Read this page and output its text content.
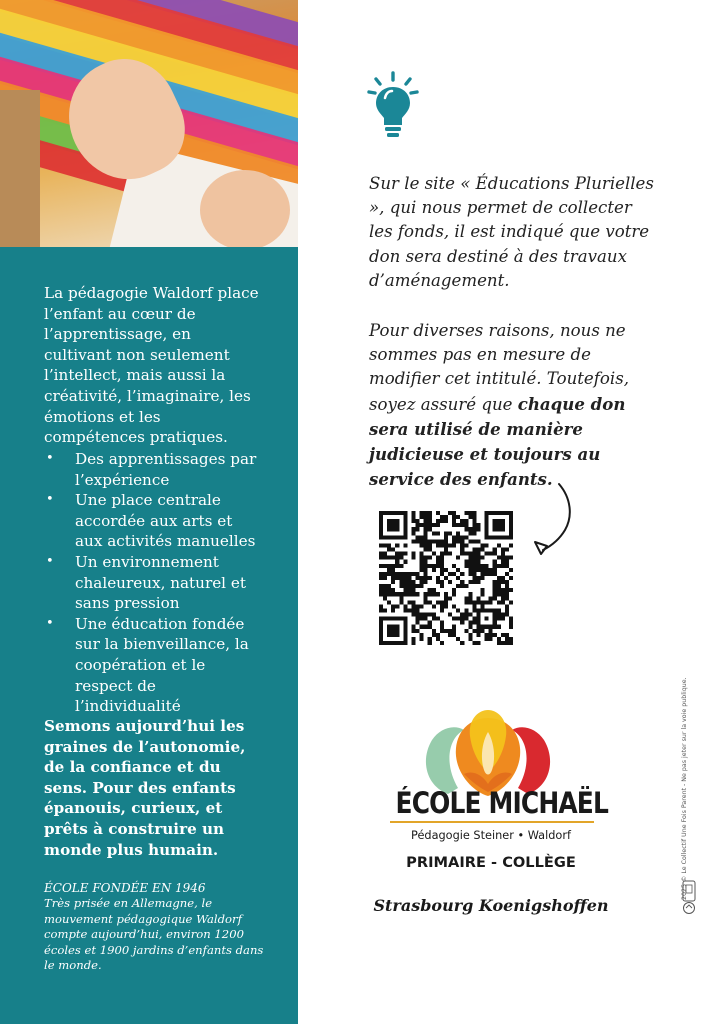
La pédagogie Waldorf place l’enfant au cœur de l’apprentissage, en cultivant non seulement l’intellect, mais aussi la créativité, l’imaginaire, les émotions et les compétences pratiques.

• Des apprentissages par l’expérience
• Une place centrale accordée aux arts et aux activités manuelles
• Un environnement chaleureux, naturel et sans pression
• Une éducation fondée sur la bienveillance, la coopération et le respect de l’individualité

Semons aujourd’hui les graines de l’autonomie, de la confiance et du sens. Pour des enfants épanouis, curieux, et prêts à construire un monde plus humain.

ÉCOLE FONDÉE EN 1946

Très prisée en Allemagne, le mouvement pédagogique Waldorf compte aujourd’hui, environ 1200 écoles et 1900 jardins d’enfants dans le monde.

Sur le site « Éducations Plurielles », qui nous permet de collecter les fonds, il est indiqué que votre don sera destiné à des travaux d’aménagement.

Pour diverses raisons, nous ne sommes pas en mesure de modifier cet intitulé. Toutefois, soyez assuré que chaque don sera utilisé de manière judicieuse et toujours au service des enfants.

ÉCOLE MICHAËL
Pédagogie Steiner • Waldorf
PRIMAIRE - COLLÈGE
Strasbourg Koenigshoffen
2025 © Le Collectif Une Fois Parent - Ne pas jeter sur la voie publique.
